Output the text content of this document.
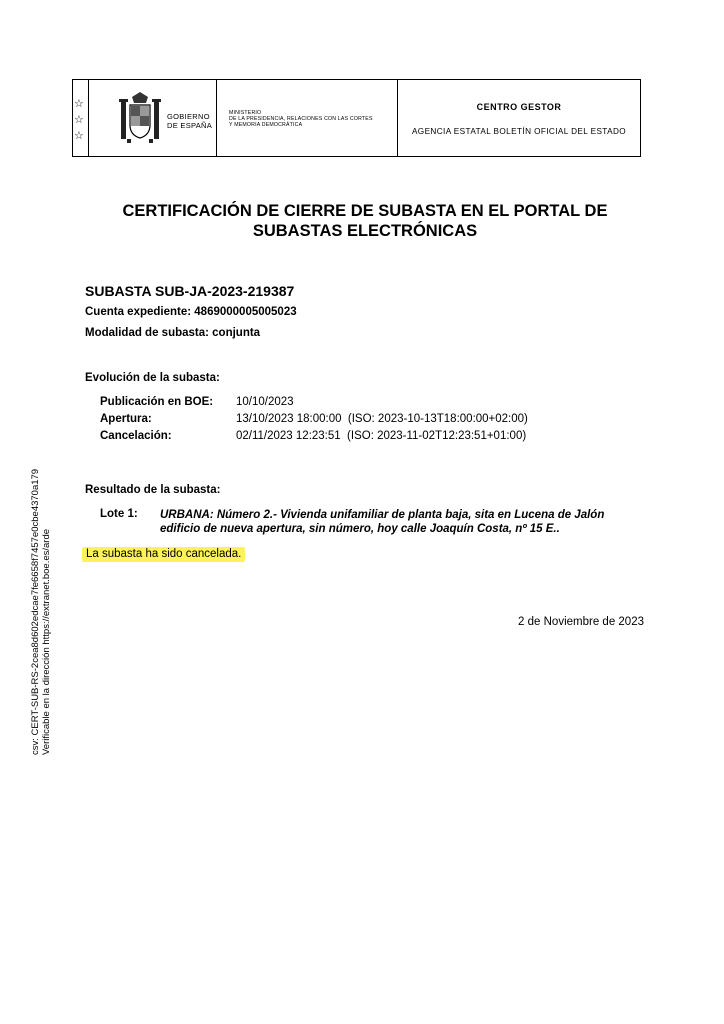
☆
☆
☆
GOBIERNO
DE ESPAÑA
MINISTERIO
DE LA PRESIDENCIA, RELACIONES CON LAS CORTES
Y MEMORIA DEMOCRÁTICA
CENTRO GESTOR
AGENCIA ESTATAL BOLETÍN OFICIAL DEL ESTADO
CERTIFICACIÓN DE CIERRE DE SUBASTA EN EL PORTAL DE
SUBASTAS ELECTRÓNICAS
SUBASTA SUB-JA-2023-219387
Cuenta expediente: 4869000005005023
Modalidad de subasta: conjunta
Evolución de la subasta:
Publicación en BOE: 10/10/2023
Apertura:	13/10/2023 18:00:00  (ISO: 2023-10-13T18:00:00+02:00)
Cancelación:	02/11/2023 12:23:51  (ISO: 2023-11-02T12:23:51+01:00)
Resultado de la subasta:
Lote 1: URBANA: Número 2.- Vivienda unifamiliar de planta baja, sita en Lucena de Jalón edificio de nueva apertura, sin número, hoy calle Joaquín Costa, nº 15 E..
La subasta ha sido cancelada.
2 de Noviembre de 2023
csv: CERT-SUB-RS-2cea8d602edcae7fe6658f7457e0cbe4370a179 Verificable en la dirección https://extranet.boe.es/arde
